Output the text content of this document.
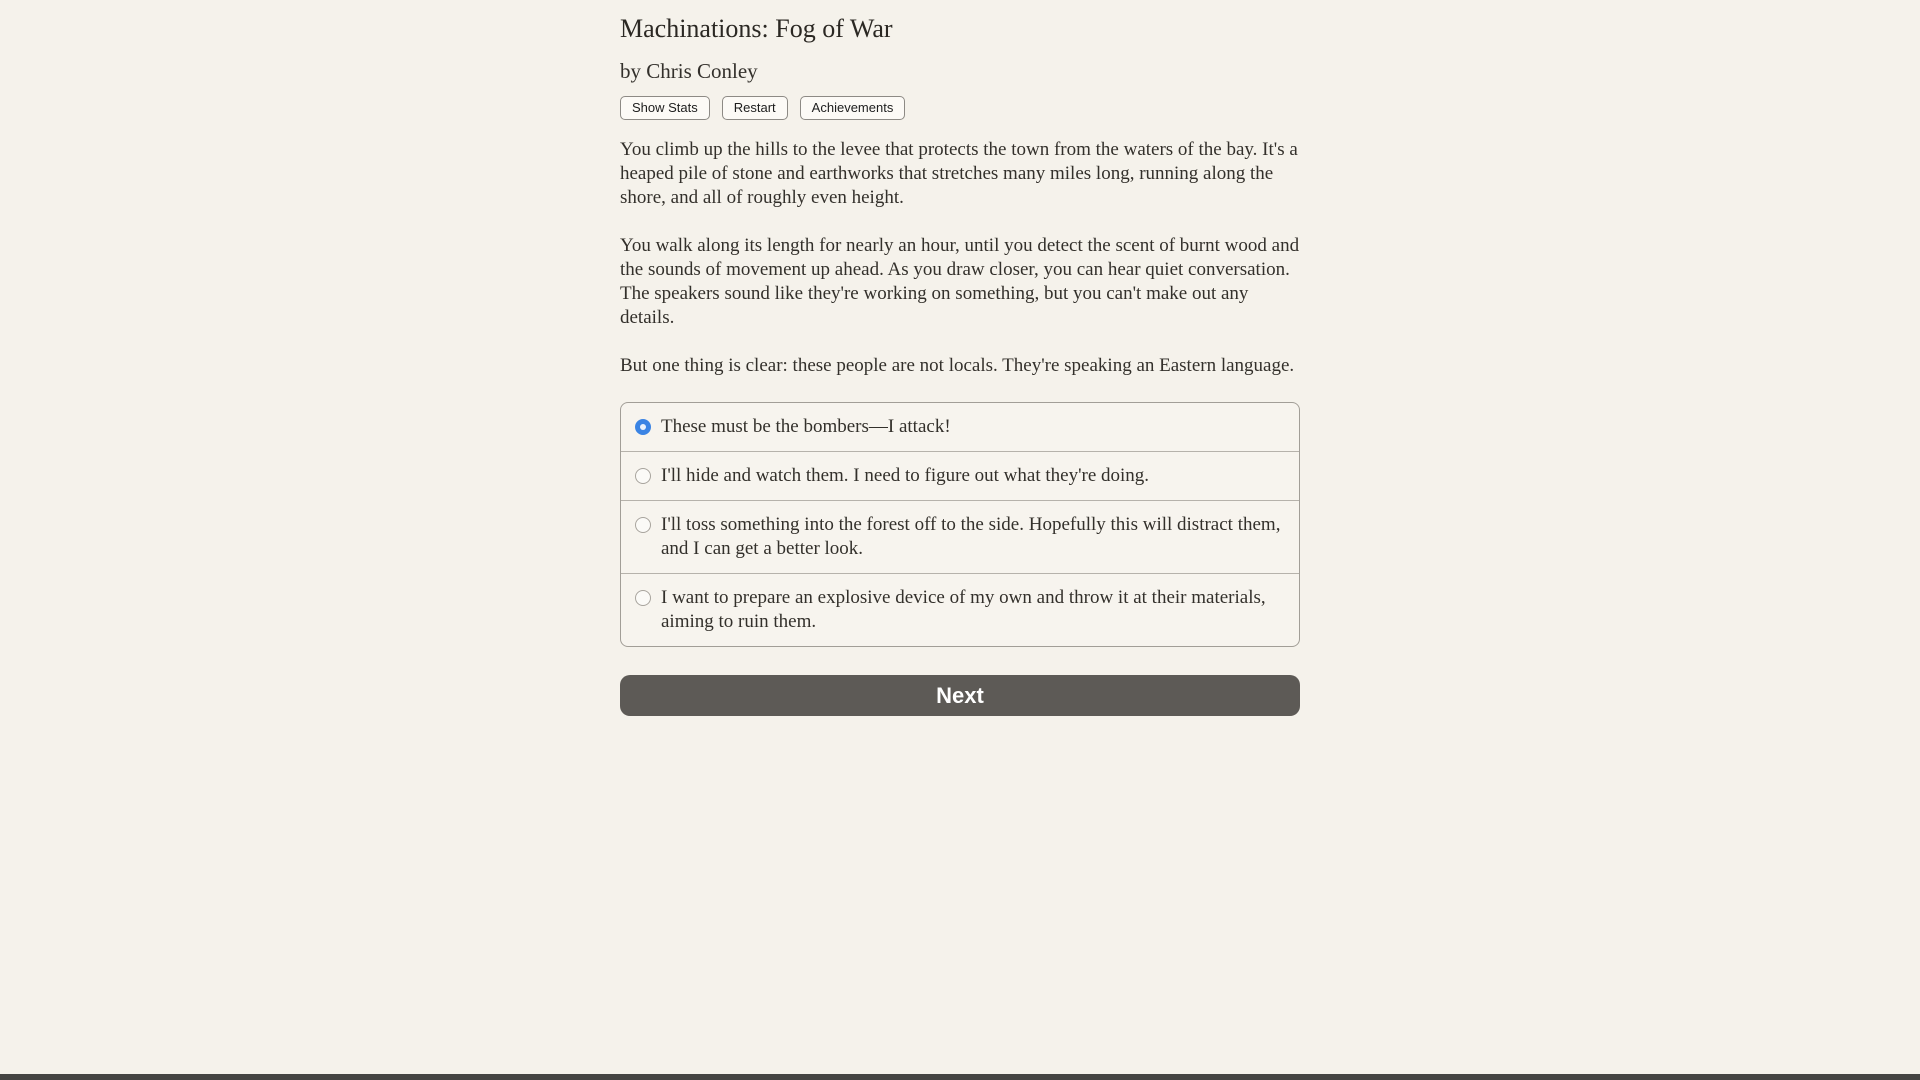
Machinations: Fog of War
by Chris Conley
Show Stats	Restart	Achievements

You climb up the hills to the levee that protects the town from the waters of the bay. It's a heaped pile of stone and earthworks that stretches many miles long, running along the shore, and all of roughly even height.

You walk along its length for nearly an hour, until you detect the scent of burnt wood and the sounds of movement up ahead. As you draw closer, you can hear quiet conversation. The speakers sound like they're working on something, but you can't make out any details.

But one thing is clear: these people are not locals. They're speaking an Eastern language.

These must be the bombers—I attack!
I'll hide and watch them. I need to figure out what they're doing.
I'll toss something into the forest off to the side. Hopefully this will distract them, and I can get a better look.
I want to prepare an explosive device of my own and throw it at their materials, aiming to ruin them.
Next
